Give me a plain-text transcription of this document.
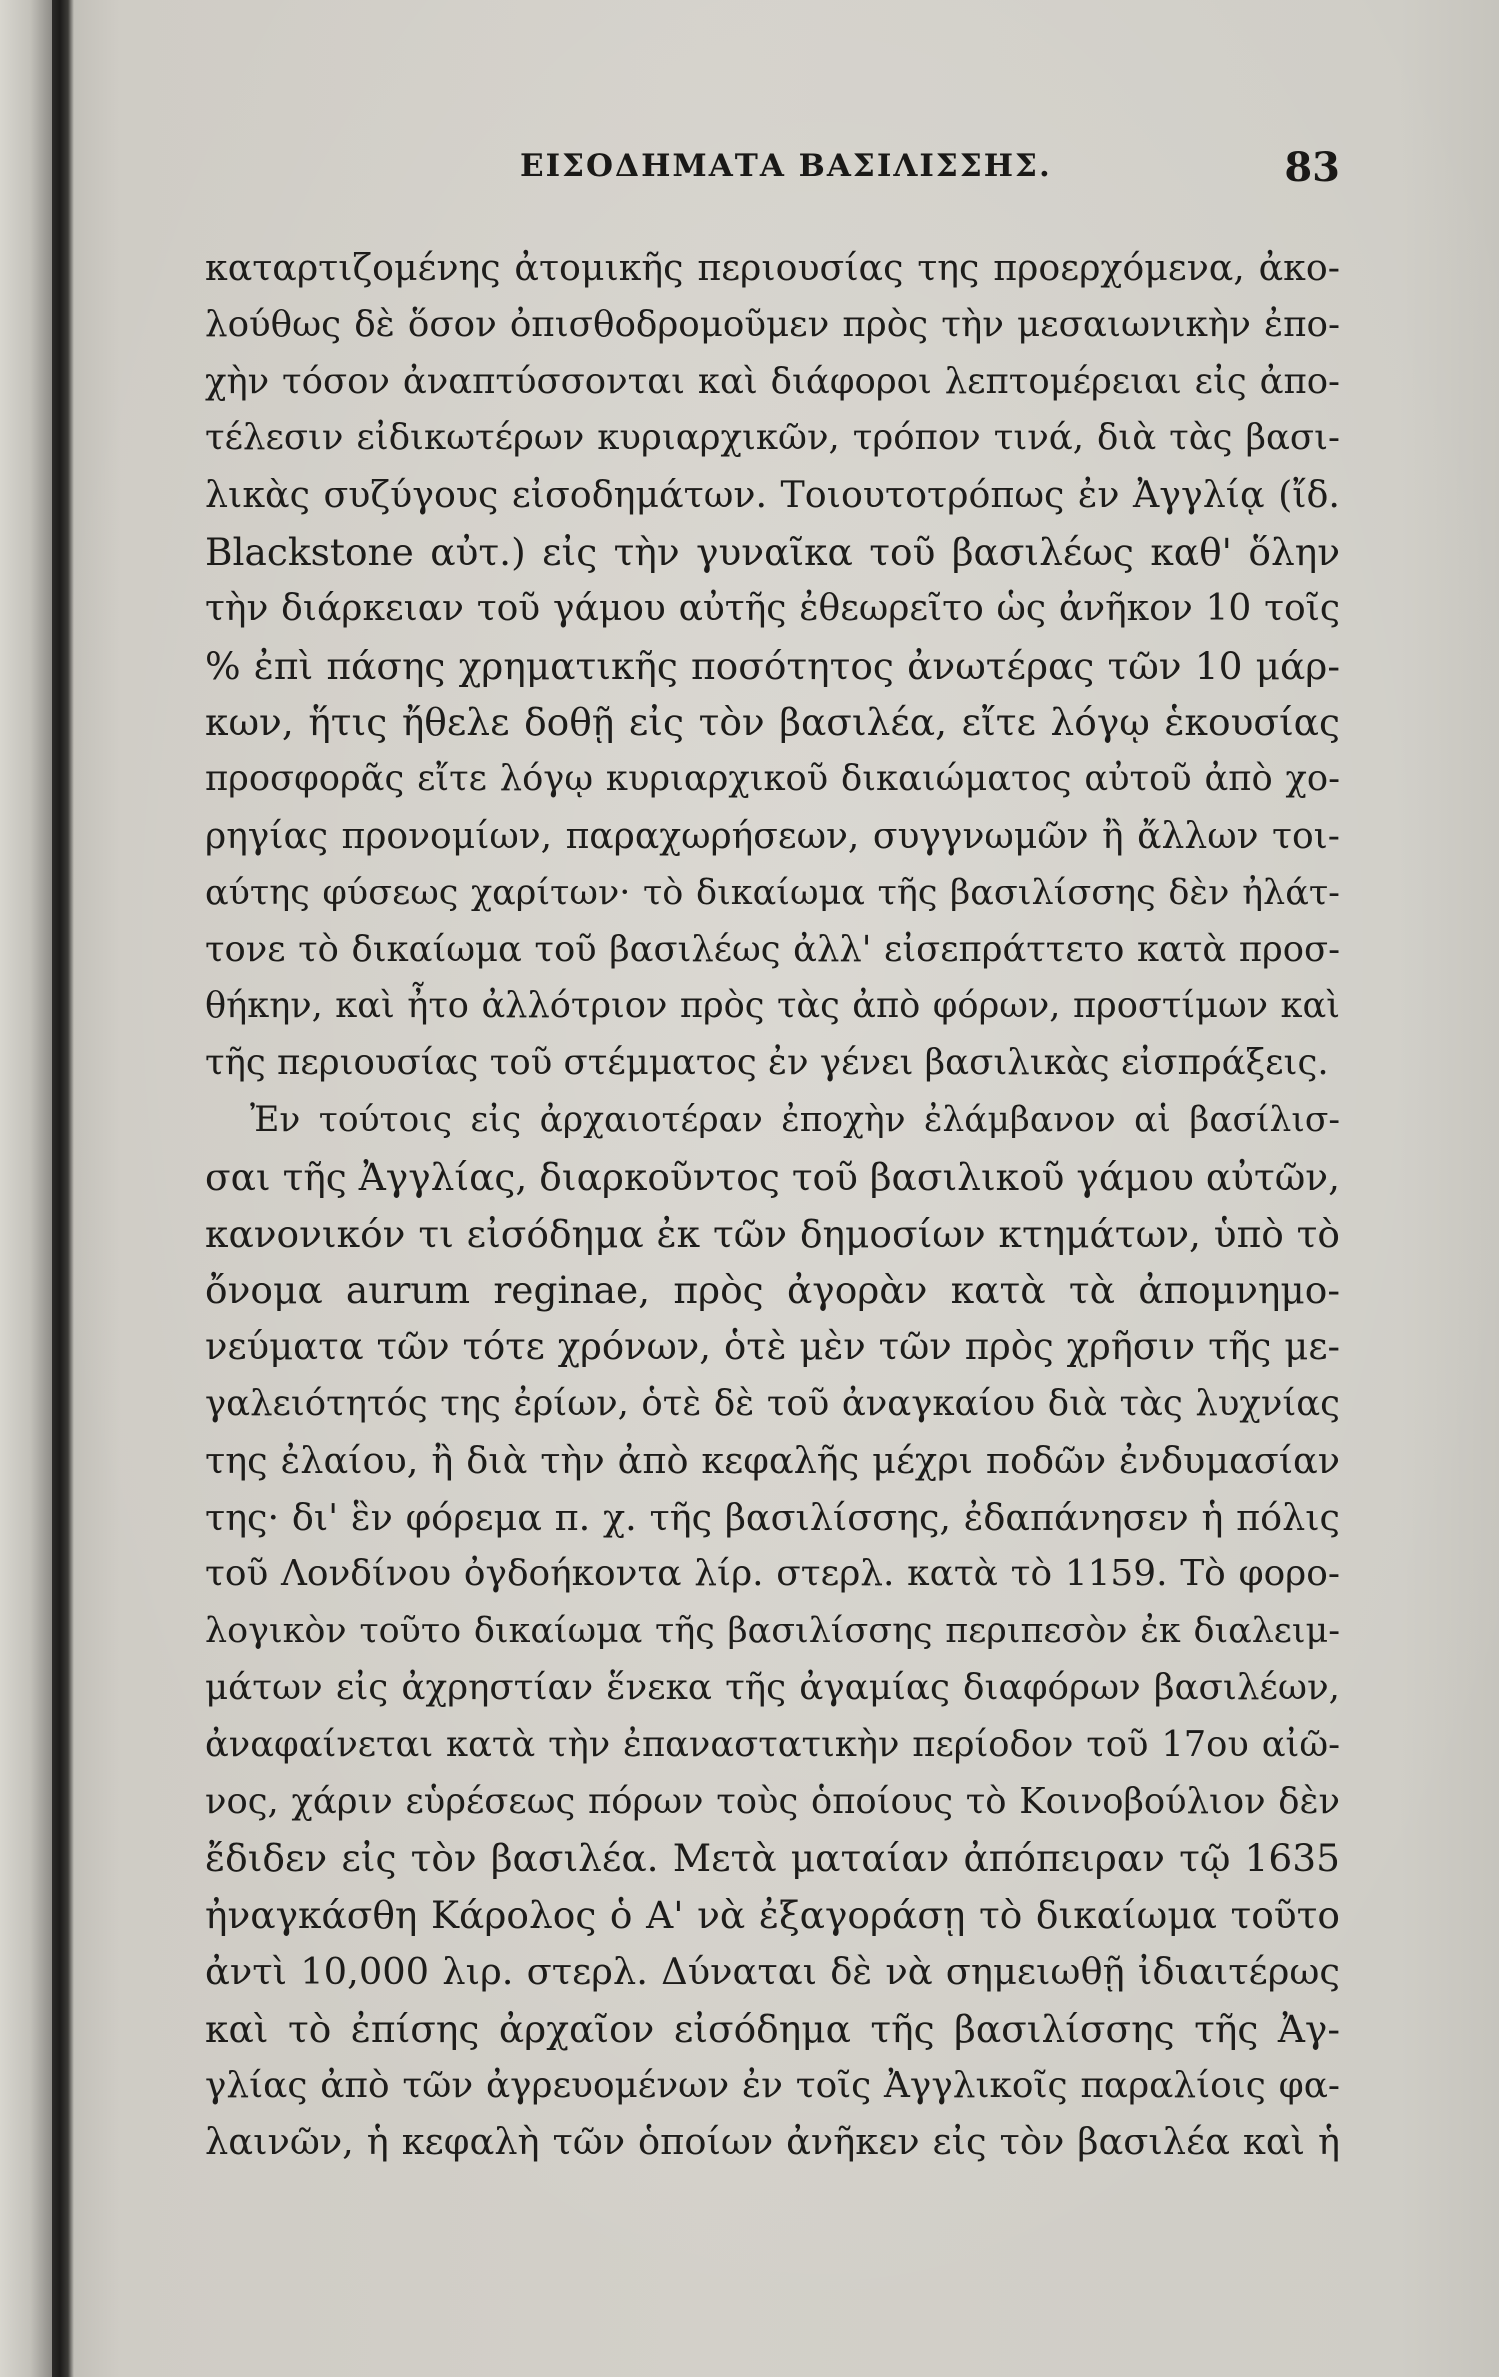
ΕΙΣΟΔΗΜΑΤΑ ΒΑΣΙΛΙΣΣΗΣ.	83
καταρτιζομένης ἀτομικῆς περιουσίας της προερχόμενα, ἀκο-
λούθως δὲ ὅσον ὀπισθοδρομοῦμεν πρὸς τὴν μεσαιωνικὴν ἐπο-
χὴν τόσον ἀναπτύσσονται καὶ διάφοροι λεπτομέρειαι εἰς ἀπο-
τέλεσιν εἰδικωτέρων κυριαρχικῶν, τρόπον τινά, διὰ τὰς βασι-
λικὰς συζύγους εἰσοδημάτων. Τοιουτοτρόπως ἐν Ἀγγλίᾳ (ἴδ.
Blackstone αὐτ.) εἰς τὴν γυναῖκα τοῦ βασιλέως καθ' ὅλην
τὴν διάρκειαν τοῦ γάμου αὐτῆς ἐθεωρεῖτο ὡς ἀνῆκον 10 τοῖς
% ἐπὶ πάσης χρηματικῆς ποσότητος ἀνωτέρας τῶν 10 μάρ-
κων, ἥτις ἤθελε δοθῇ εἰς τὸν βασιλέα, εἴτε λόγῳ ἑκουσίας
προσφορᾶς εἴτε λόγῳ κυριαρχικοῦ δικαιώματος αὐτοῦ ἀπὸ χο-
ρηγίας προνομίων, παραχωρήσεων, συγγνωμῶν ἢ ἄλλων τοι-
αύτης φύσεως χαρίτων· τὸ δικαίωμα τῆς βασιλίσσης δὲν ἠλάτ-
τονε τὸ δικαίωμα τοῦ βασιλέως ἀλλ' εἰσεπράττετο κατὰ προσ-
θήκην, καὶ ἦτο ἀλλότριον πρὸς τὰς ἀπὸ φόρων, προστίμων καὶ
τῆς περιουσίας τοῦ στέμματος ἐν γένει βασιλικὰς εἰσπράξεις.
Ἐν τούτοις εἰς ἀρχαιοτέραν ἐποχὴν ἐλάμβανον αἱ βασίλισ-
σαι τῆς Ἀγγλίας, διαρκοῦντος τοῦ βασιλικοῦ γάμου αὐτῶν,
κανονικόν τι εἰσόδημα ἐκ τῶν δημοσίων κτημάτων, ὑπὸ τὸ
ὄνομα aurum reginae, πρὸς ἀγορὰν κατὰ τὰ ἀπομνημο-
νεύματα τῶν τότε χρόνων, ὁτὲ μὲν τῶν πρὸς χρῆσιν τῆς με-
γαλειότητός της ἐρίων, ὁτὲ δὲ τοῦ ἀναγκαίου διὰ τὰς λυχνίας
της ἐλαίου, ἢ διὰ τὴν ἀπὸ κεφαλῆς μέχρι ποδῶν ἐνδυμασίαν
της· δι' ἓν φόρεμα π. χ. τῆς βασιλίσσης, ἐδαπάνησεν ἡ πόλις
τοῦ Λονδίνου ὀγδοήκοντα λίρ. στερλ. κατὰ τὸ 1159. Τὸ φορο-
λογικὸν τοῦτο δικαίωμα τῆς βασιλίσσης περιπεσὸν ἐκ διαλειμ-
μάτων εἰς ἀχρηστίαν ἕνεκα τῆς ἀγαμίας διαφόρων βασιλέων,
ἀναφαίνεται κατὰ τὴν ἐπαναστατικὴν περίοδον τοῦ 17ου αἰῶ-
νος, χάριν εὑρέσεως πόρων τοὺς ὁποίους τὸ Κοινοβούλιον δὲν
ἔδιδεν εἰς τὸν βασιλέα. Μετὰ ματαίαν ἀπόπειραν τῷ 1635
ἠναγκάσθη Κάρολος ὁ Α' νὰ ἐξαγοράσῃ τὸ δικαίωμα τοῦτο
ἀντὶ 10,000 λιρ. στερλ. Δύναται δὲ νὰ σημειωθῇ ἰδιαιτέρως
καὶ τὸ ἐπίσης ἀρχαῖον εἰσόδημα τῆς βασιλίσσης τῆς Ἀγ-
γλίας ἀπὸ τῶν ἀγρευομένων ἐν τοῖς Ἀγγλικοῖς παραλίοις φα-
λαινῶν, ἡ κεφαλὴ τῶν ὁποίων ἀνῆκεν εἰς τὸν βασιλέα καὶ ἡ
